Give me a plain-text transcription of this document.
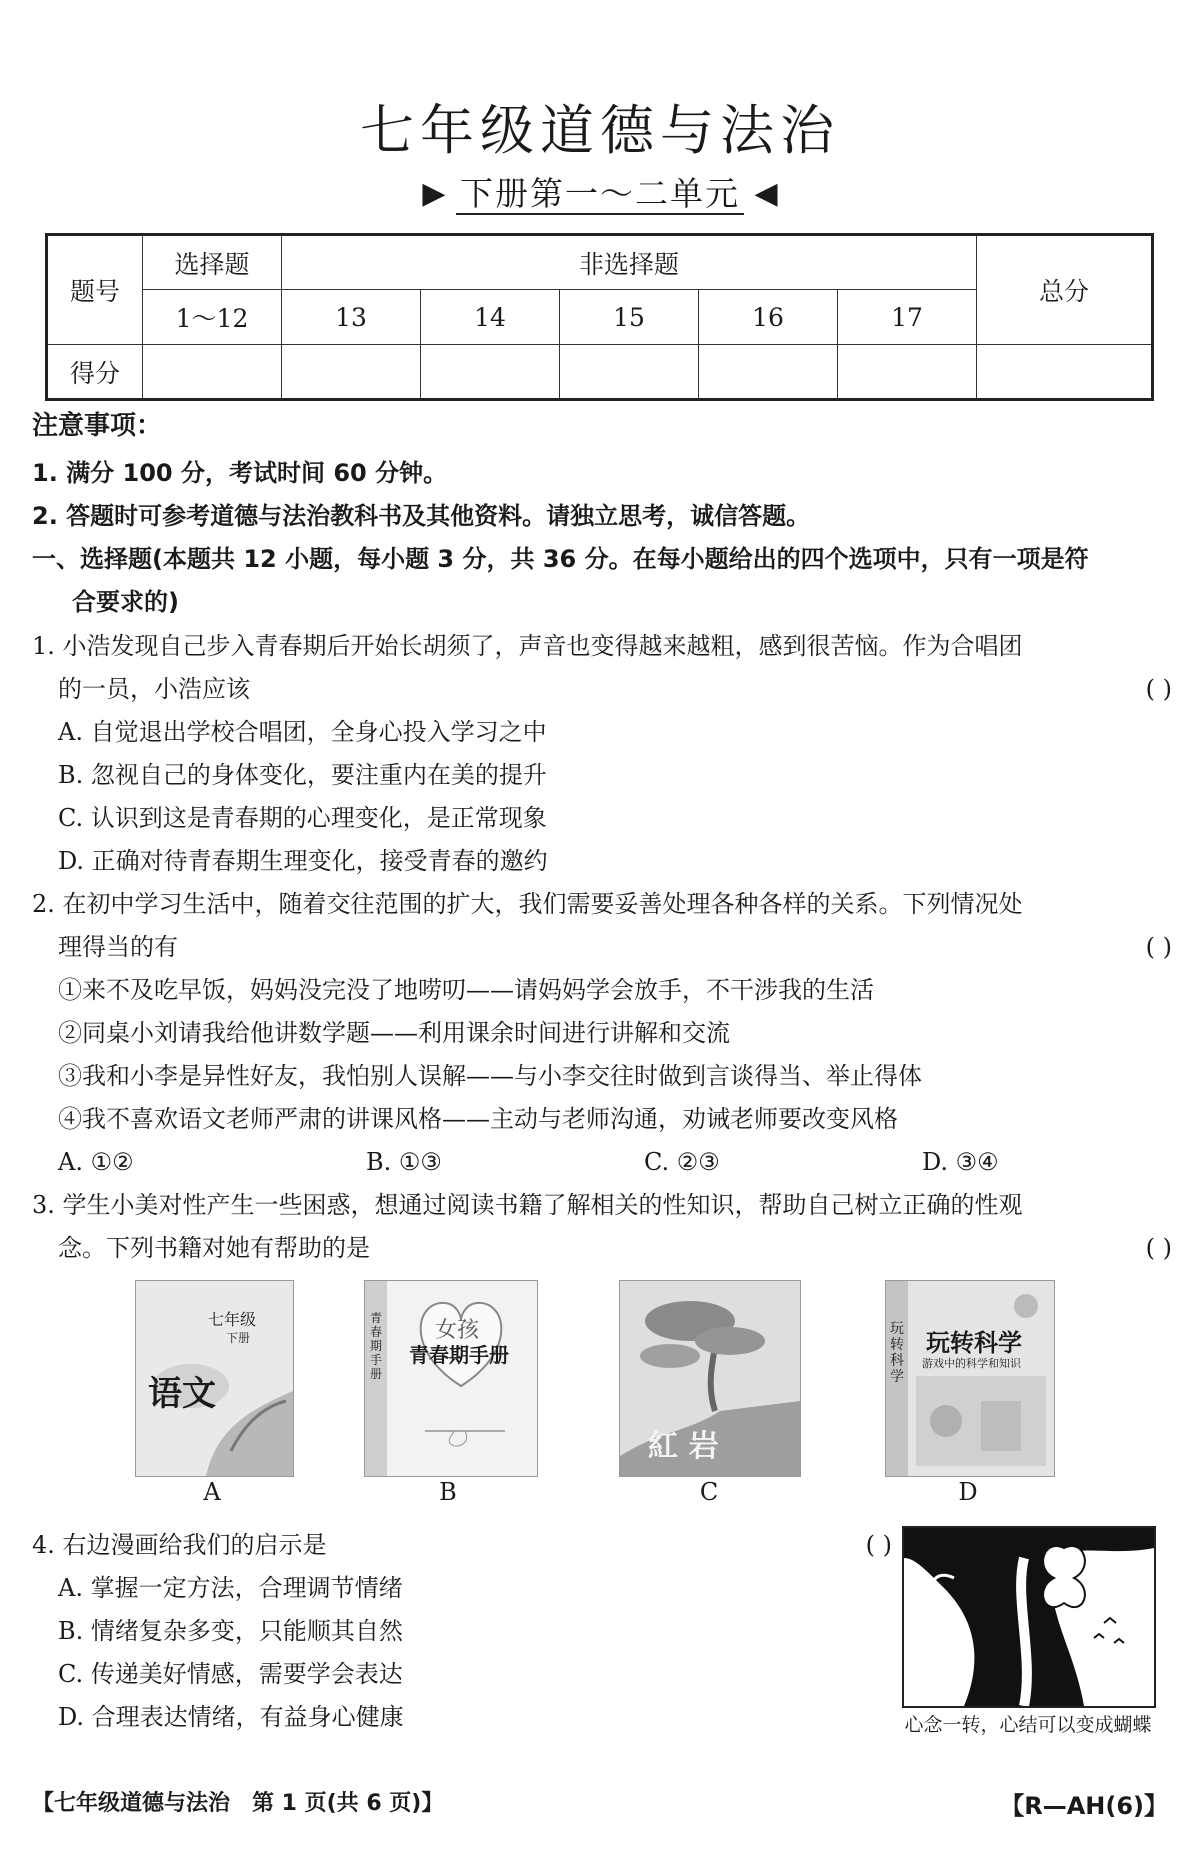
七年级道德与法治
▶ 下册第一～二单元 ◀
题号	选择题	非选择题					总分
	1～12	13	14	15	16	17	
得分							
注意事项：
1. 满分 100 分，考试时间 60 分钟。
2. 答题时可参考道德与法治教科书及其他资料。请独立思考，诚信答题。
一、选择题(本题共 12 小题，每小题 3 分，共 36 分。在每小题给出的四个选项中，只有一项是符
合要求的)
1. 小浩发现自己步入青春期后开始长胡须了，声音也变得越来越粗，感到很苦恼。作为合唱团
的一员，小浩应该	( )
A. 自觉退出学校合唱团，全身心投入学习之中
B. 忽视自己的身体变化，要注重内在美的提升
C. 认识到这是青春期的心理变化，是正常现象
D. 正确对待青春期生理变化，接受青春的邀约
2. 在初中学习生活中，随着交往范围的扩大，我们需要妥善处理各种各样的关系。下列情况处
理得当的有	( )
①来不及吃早饭，妈妈没完没了地唠叨——请妈妈学会放手，不干涉我的生活
②同桌小刘请我给他讲数学题——利用课余时间进行讲解和交流
③我和小李是异性好友，我怕别人误解——与小李交往时做到言谈得当、举止得体
④我不喜欢语文老师严肃的讲课风格——主动与老师沟通，劝诫老师要改变风格
A. ①②	B. ①③	C. ②③	D. ③④
3. 学生小美对性产生一些困惑，想通过阅读书籍了解相关的性知识，帮助自己树立正确的性观
念。下列书籍对她有帮助的是	( )
七年级
下册
语文
A
青春期手册
女孩
青春期手册
B
紅 岩
C
玩转科学
玩转科学
游戏中的科学和知识
D
4. 右边漫画给我们的启示是	( )
A. 掌握一定方法，合理调节情绪
B. 情绪复杂多变，只能顺其自然
C. 传递美好情感，需要学会表达
D. 合理表达情绪，有益身心健康	心念一转，心结可以变成蝴蝶
【七年级道德与法治　第 1 页(共 6 页)】	【R—AH(6)】
